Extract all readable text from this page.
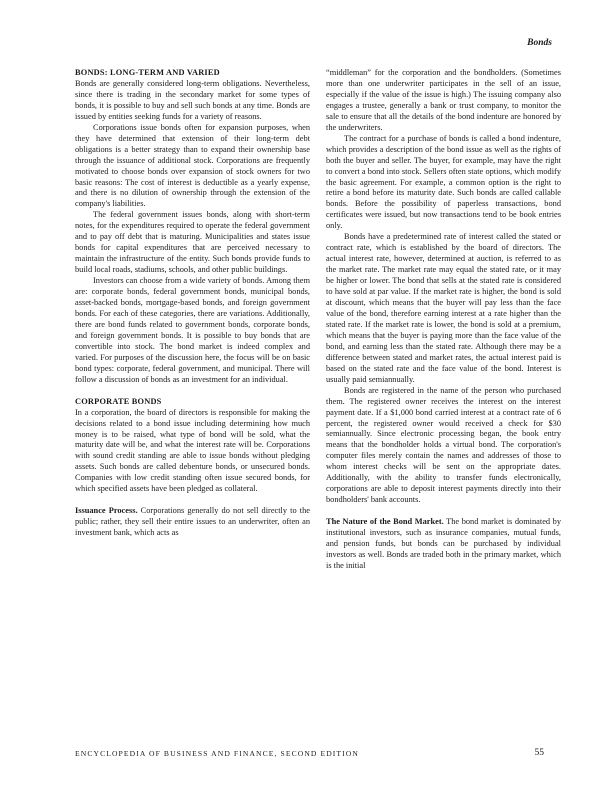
Bonds
BONDS: LONG-TERM AND VARIED

Bonds are generally considered long-term obligations. Nevertheless, since there is trading in the secondary market for some types of bonds, it is possible to buy and sell such bonds at any time. Bonds are issued by entities seeking funds for a variety of reasons.

Corporations issue bonds often for expansion purposes, when they have determined that extension of their long-term debt obligations is a better strategy than to expand their ownership base through the issuance of additional stock. Corporations are frequently motivated to choose bonds over expansion of stock owners for two basic reasons: The cost of interest is deductible as a yearly expense, and there is no dilution of ownership through the extension of the company's liabilities.

The federal government issues bonds, along with short-term notes, for the expenditures required to operate the federal government and to pay off debt that is maturing. Municipalities and states issue bonds for capital expenditures that are perceived necessary to maintain the infrastructure of the entity. Such bonds provide funds to build local roads, stadiums, schools, and other public buildings.

Investors can choose from a wide variety of bonds. Among them are: corporate bonds, federal government bonds, municipal bonds, asset-backed bonds, mortgage-based bonds, and foreign government bonds. For each of these categories, there are variations. Additionally, there are bond funds related to government bonds, corporate bonds, and foreign government bonds. It is possible to buy bonds that are convertible into stock. The bond market is indeed complex and varied. For purposes of the discussion here, the focus will be on basic bond types: corporate, federal government, and municipal. There will follow a discussion of bonds as an investment for an individual.

CORPORATE BONDS

In a corporation, the board of directors is responsible for making the decisions related to a bond issue including determining how much money is to be raised, what type of bond will be sold, what the maturity date will be, and what the interest rate will be. Corporations with sound credit standing are able to issue bonds without pledging assets. Such bonds are called debenture bonds, or unsecured bonds. Companies with low credit standing often issue secured bonds, for which specified assets have been pledged as collateral.

Issuance Process. Corporations generally do not sell directly to the public; rather, they sell their entire issues to an underwriter, often an investment bank, which acts as

“middleman” for the corporation and the bondholders. (Sometimes more than one underwriter participates in the sell of an issue, especially if the value of the issue is high.) The issuing company also engages a trustee, generally a bank or trust company, to monitor the sale to ensure that all the details of the bond indenture are honored by the underwriters.

The contract for a purchase of bonds is called a bond indenture, which provides a description of the bond issue as well as the rights of both the buyer and seller. The buyer, for example, may have the right to convert a bond into stock. Sellers often state options, which modify the basic agreement. For example, a common option is the right to retire a bond before its maturity date. Such bonds are called callable bonds. Before the possibility of paperless transactions, bond certificates were issued, but now transactions tend to be book entries only.

Bonds have a predetermined rate of interest called the stated or contract rate, which is established by the board of directors. The actual interest rate, however, determined at auction, is referred to as the market rate. The market rate may equal the stated rate, or it may be higher or lower. The bond that sells at the stated rate is considered to have sold at par value. If the market rate is higher, the bond is sold at discount, which means that the buyer will pay less than the face value of the bond, therefore earning interest at a rate higher than the stated rate. If the market rate is lower, the bond is sold at a premium, which means that the buyer is paying more than the face value of the bond, and earning less than the stated rate. Although there may be a difference between stated and market rates, the actual interest paid is based on the stated rate and the face value of the bond. Interest is usually paid semiannually.

Bonds are registered in the name of the person who purchased them. The registered owner receives the interest on the interest payment date. If a $1,000 bond carried interest at a contract rate of 6 percent, the registered owner would received a check for $30 semiannually. Since electronic processing began, the book entry means that the bondholder holds a virtual bond. The corporation's computer files merely contain the names and addresses of those to whom interest checks will be sent on the appropriate dates. Additionally, with the ability to transfer funds electronically, corporations are able to deposit interest payments directly into their bondholders' bank accounts.

The Nature of the Bond Market. The bond market is dominated by institutional investors, such as insurance companies, mutual funds, and pension funds, but bonds can be purchased by individual investors as well. Bonds are traded both in the primary market, which is the initial

ENCYCLOPEDIA OF BUSINESS AND FINANCE, SECOND EDITION	55
